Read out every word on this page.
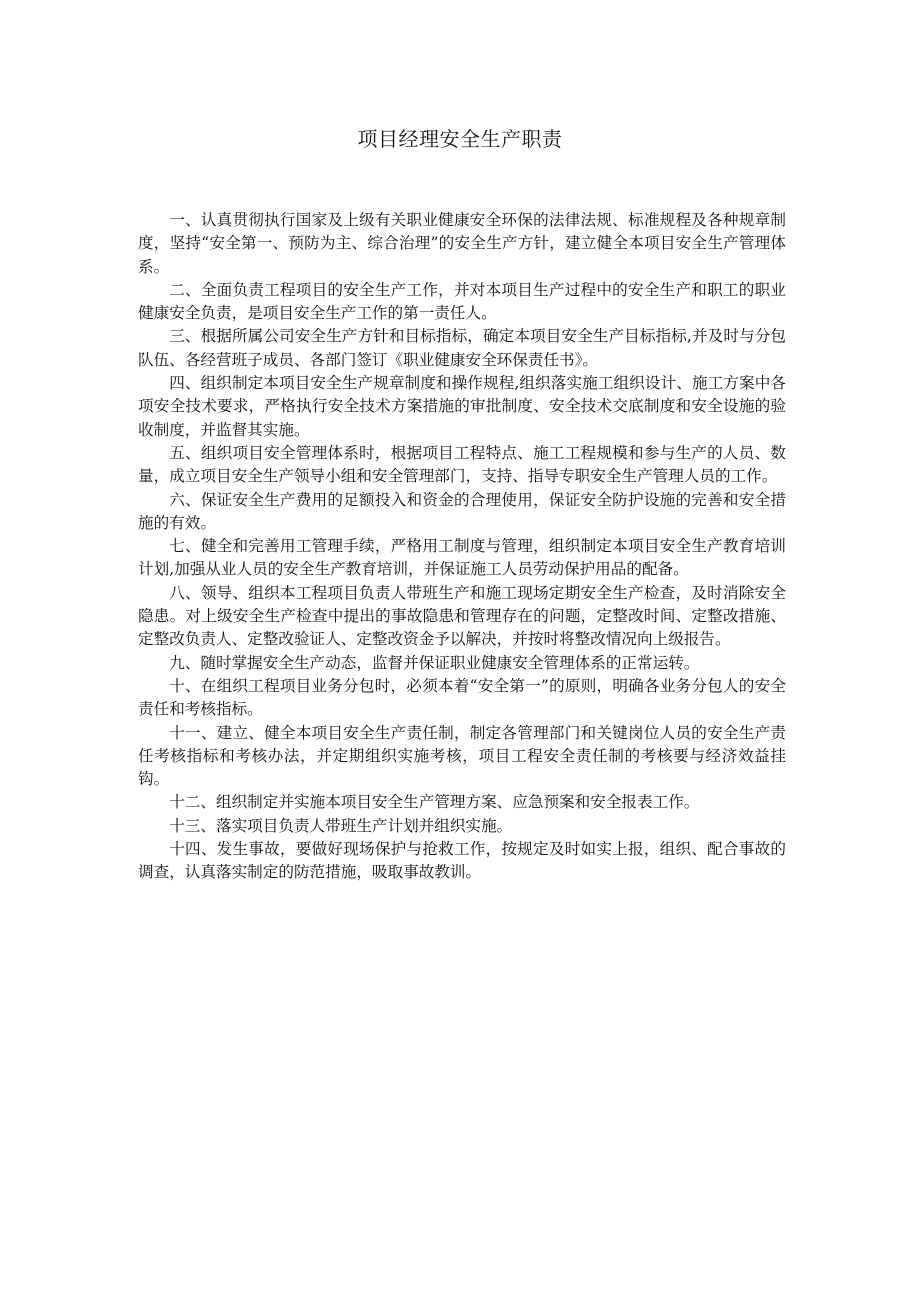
项目经理安全生产职责

一、认真贯彻执行国家及上级有关职业健康安全环保的法律法规、标准规程及各种规章制度，坚持“安全第一、预防为主、综合治理”的安全生产方针，建立健全本项目安全生产管理体系。

二、全面负责工程项目的安全生产工作，并对本项目生产过程中的安全生产和职工的职业健康安全负责，是项目安全生产工作的第一责任人。

三、根据所属公司安全生产方针和目标指标，确定本项目安全生产目标指标,并及时与分包队伍、各经营班子成员、各部门签订《职业健康安全环保责任书》。

四、组织制定本项目安全生产规章制度和操作规程,组织落实施工组织设计、施工方案中各项安全技术要求，严格执行安全技术方案措施的审批制度、安全技术交底制度和安全设施的验收制度，并监督其实施。

五、组织项目安全管理体系时，根据项目工程特点、施工工程规模和参与生产的人员、数量，成立项目安全生产领导小组和安全管理部门，支持、指导专职安全生产管理人员的工作。

六、保证安全生产费用的足额投入和资金的合理使用，保证安全防护设施的完善和安全措施的有效。

七、健全和完善用工管理手续，严格用工制度与管理，组织制定本项目安全生产教育培训计划,加强从业人员的安全生产教育培训，并保证施工人员劳动保护用品的配备。

八、领导、组织本工程项目负责人带班生产和施工现场定期安全生产检查，及时消除安全隐患。对上级安全生产检查中提出的事故隐患和管理存在的问题，定整改时间、定整改措施、定整改负责人、定整改验证人、定整改资金予以解决，并按时将整改情况向上级报告。

九、随时掌握安全生产动态，监督并保证职业健康安全管理体系的正常运转。

十、在组织工程项目业务分包时，必须本着“安全第一”的原则，明确各业务分包人的安全责任和考核指标。

十一、建立、健全本项目安全生产责任制，制定各管理部门和关键岗位人员的安全生产责任考核指标和考核办法，并定期组织实施考核，项目工程安全责任制的考核要与经济效益挂钩。

十二、组织制定并实施本项目安全生产管理方案、应急预案和安全报表工作。

十三、落实项目负责人带班生产计划并组织实施。

十四、发生事故，要做好现场保护与抢救工作，按规定及时如实上报，组织、配合事故的调查，认真落实制定的防范措施，吸取事故教训。
